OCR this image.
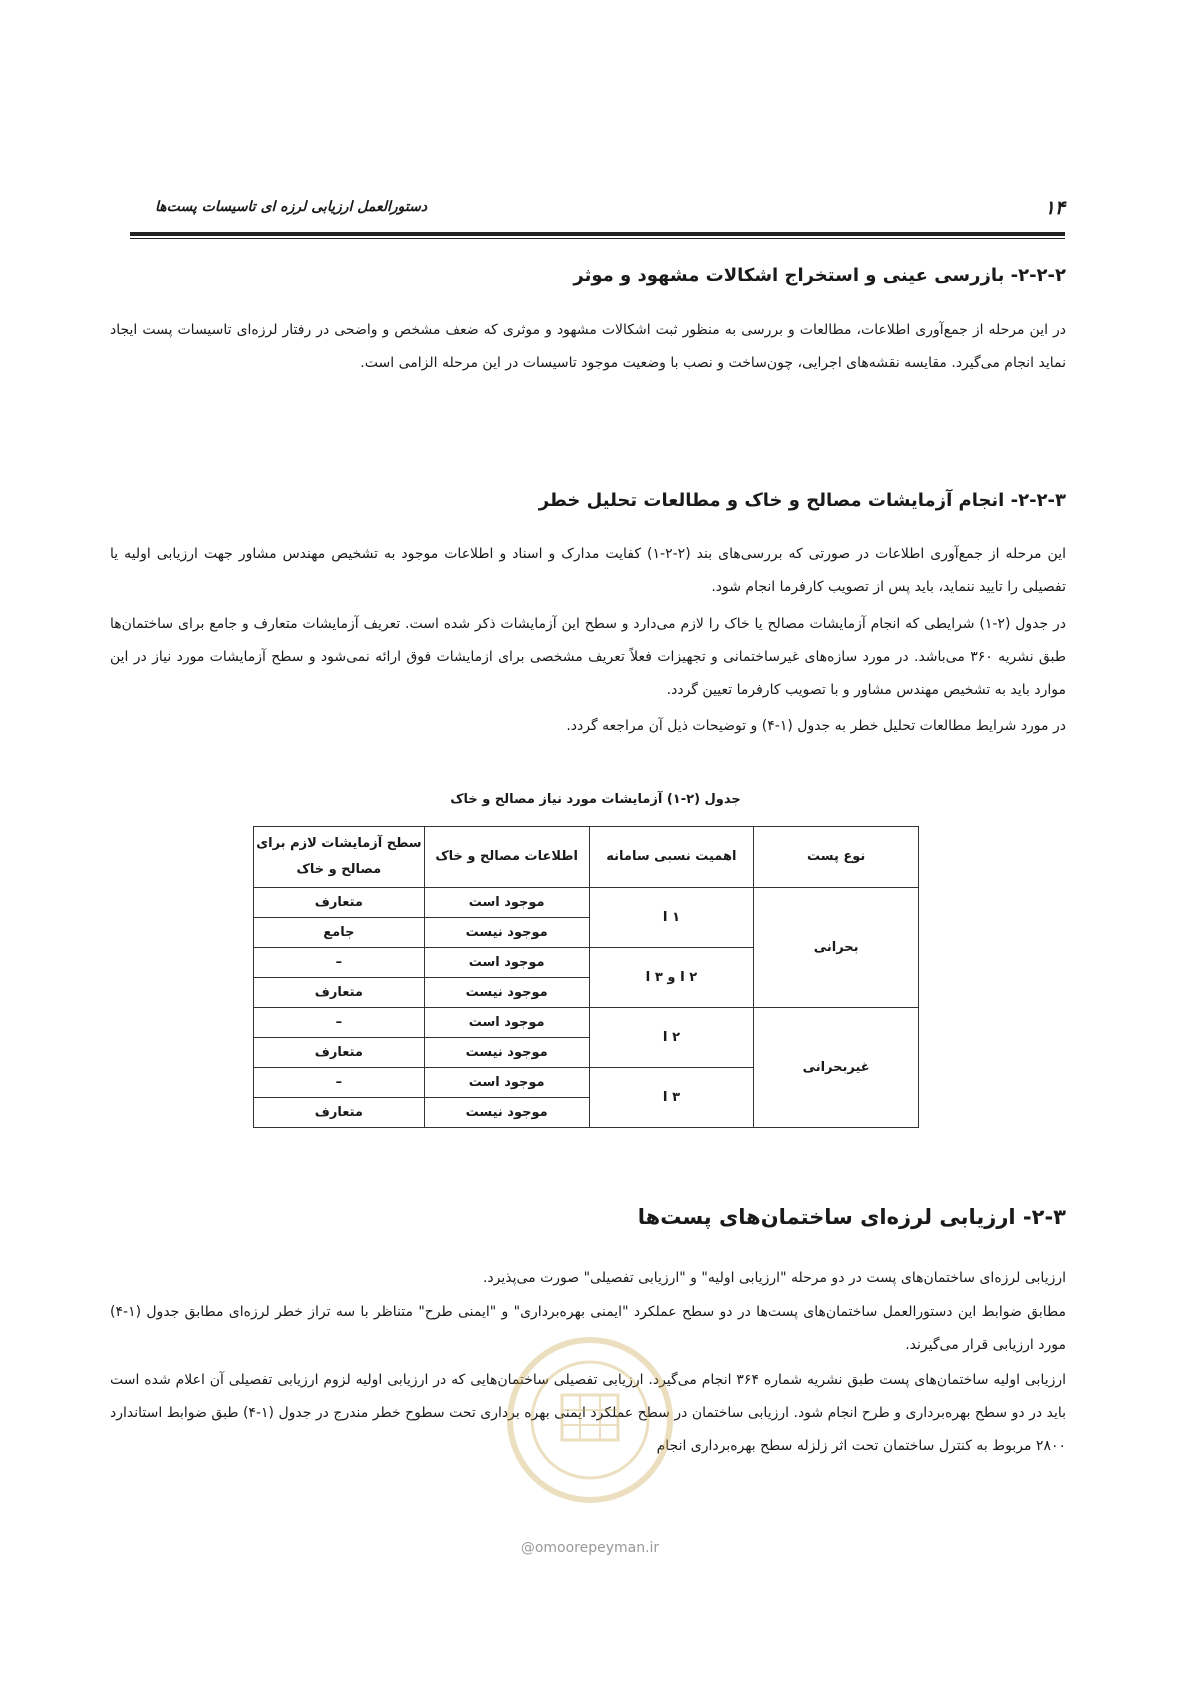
۱۴
دستورالعمل ارزیابی لرزه ای تاسیسات پست‌ها
۲-۲-۲- بازرسی عینی و استخراج اشکالات مشهود و موثر
در این مرحله از جمع‌آوری اطلاعات، مطالعات و بررسی به منظور ثبت اشکالات مشهود و موثری که ضعف مشخص و واضحی در رفتار لرزه‌ای تاسیسات پست ایجاد نماید انجام می‌گیرد. مقایسه نقشه‌های اجرایی، چون‌ساخت و نصب با وضعیت موجود تاسیسات در این مرحله الزامی است.
۲-۲-۳- انجام آزمایشات مصالح و خاک و مطالعات تحلیل خطر
این مرحله از جمع‌آوری اطلاعات در صورتی که بررسی‌های بند (۲-۲-۱) کفایت مدارک و اسناد و اطلاعات موجود به تشخیص مهندس مشاور جهت ارزیابی اولیه یا تفصیلی را تایید ننماید، باید پس از تصویب کارفرما انجام شود.
در جدول (۲-۱) شرایطی که انجام آزمایشات مصالح یا خاک را لازم می‌دارد و سطح این آزمایشات ذکر شده است. تعریف آزمایشات متعارف و جامع برای ساختمان‌ها طبق نشریه ۳۶۰ می‌باشد. در مورد سازه‌های غیرساختمانی و تجهیزات فعلاً تعریف مشخصی برای ازمایشات فوق ارائه نمی‌شود و سطح آزمایشات مورد نیاز در این موارد باید به تشخیص مهندس مشاور و با تصویب کارفرما تعیین گردد.
در مورد شرایط مطالعات تحلیل خطر به جدول (۱-۴) و توضیحات ذیل آن مراجعه گردد.
جدول (۲-۱) آزمایشات مورد نیاز مصالح و خاک
نوع پست	اهمیت نسبی سامانه	اطلاعات مصالح و خاک	سطح آزمایشات لازم برای مصالح و خاک
بحرانی	I ۱	موجود است	متعارف
		موجود نیست	جامع
	I ۲ و I ۳	موجود است	–
		موجود نیست	متعارف
غیربحرانی	I ۲	موجود است	–
		موجود نیست	متعارف
	I ۳	موجود است	–
		موجود نیست	متعارف
۲-۳- ارزیابی لرزه‌ای ساختمان‌های پست‌ها
ارزیابی لرزه‌ای ساختمان‌های پست در دو مرحله "ارزیابی اولیه" و "ارزیابی تفصیلی" صورت می‌پذیرد.
مطابق ضوابط این دستورالعمل ساختمان‌های پست‌ها در دو سطح عملکرد "ایمنی بهره‌برداری" و "ایمنی طرح" متناظر با سه تراز خطر لرزه‌ای مطابق جدول (۱-۴) مورد ارزیابی قرار می‌گیرند.
ارزیابی اولیه ساختمان‌های پست طبق نشریه شماره ۳۶۴ انجام می‌گیرد. ارزیابی تفصیلی ساختمان‌هایی که در ارزیابی اولیه لزوم ارزیابی تفصیلی آن اعلام شده است باید در دو سطح بهره‌برداری و طرح انجام شود. ارزیابی ساختمان در سطح عملکرد ایمنی بهره برداری تحت سطوح خطر مندرج در جدول (۱-۴) طبق ضوابط استاندارد ۲۸۰۰ مربوط به کنترل ساختمان تحت اثر زلزله سطح بهره‌برداری انجام
@omoorepeyman.ir
